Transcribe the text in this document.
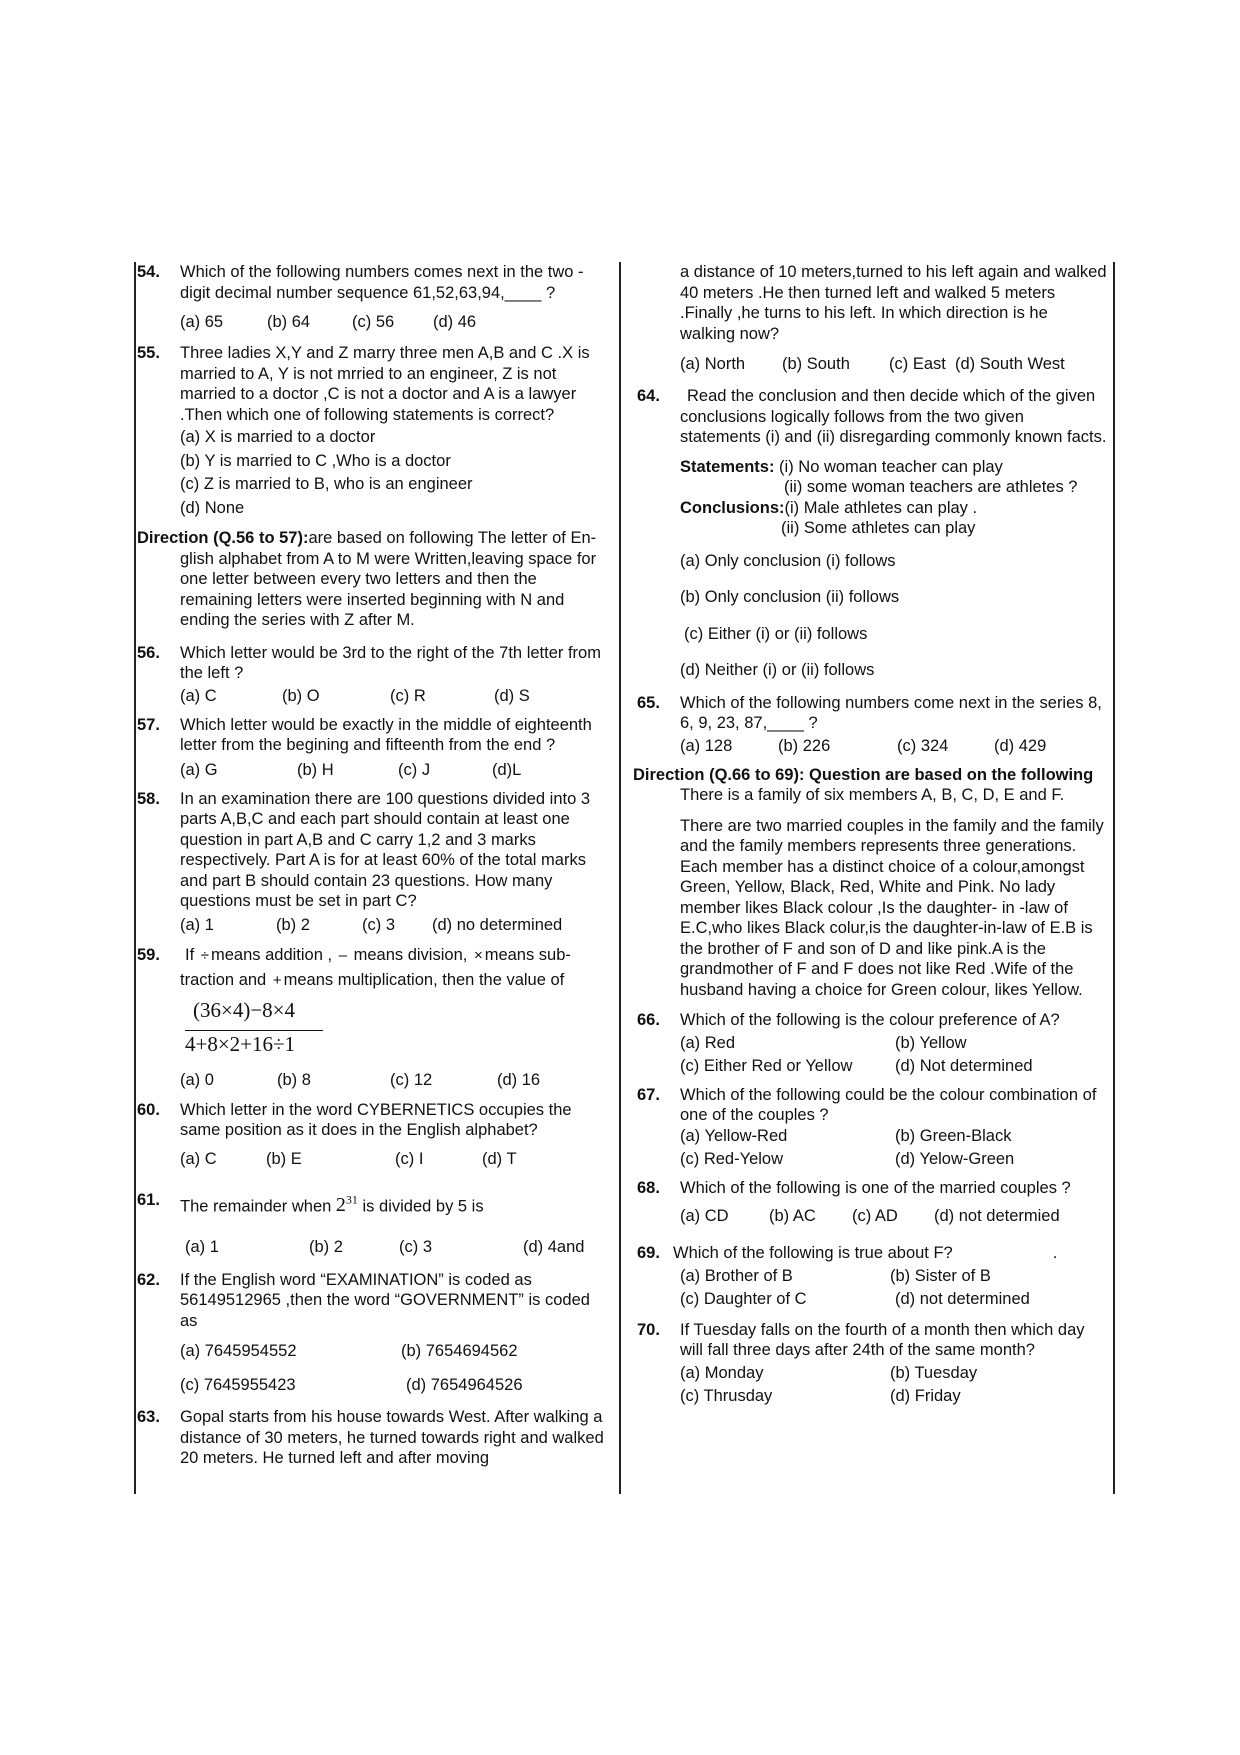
54. Which of the following numbers comes next in the two - digit decimal number sequence 61,52,63,94,____ ?
(a) 65	(b) 64	(c) 56 (d) 46
55. Three ladies X,Y and Z marry three men A,B and C .X is married to A, Y is not mrried to an engineer, Z is not married to a doctor ,C is not a doctor and A is a lawyer .Then which one of following statements is correct?
(a) X is married to a doctor
(b) Y is married to C ,Who is a doctor
(c) Z is married to B, who is an engineer
(d) None
Direction (Q.56 to 57):are based on following The letter of En-
glish alphabet from A to M were Written,leaving space for one letter between every two letters and then the remaining letters were inserted beginning with N and ending the series with Z after M.
56. Which letter would be 3rd to the right of the 7th letter from the left ?
(a) C	(b) O	(c) R	(d) S
57. Which letter would be exactly in the middle of eighteenth letter from the begining and fifteenth from the end ?
(a) G	(b) H	(c) J	(d)L
58. In an examination there are 100 questions divided into 3 parts A,B,C and each part should contain at least one question in part A,B and C carry 1,2 and 3 marks respectively. Part A is for at least 60% of the total marks and part B should contain 23 questions. How many questions must be set in part C?
(a) 1	(b) 2	(c) 3 (d) no determined
59.	If ÷ means addition , – means division, × means sub-
traction and + means multiplication, then the value of
(36×4)−8×4
4+8×2+16÷1
(a) 0	(b) 8	(c) 12	(d) 16
60. Which letter in the word CYBERNETICS occupies the same position as it does in the English alphabet?
(a) C	(b) E	(c) I	(d) T
61. The remainder when $2^{31}$ is divided by 5 is
(a) 1	(b) 2	(c) 3	(d) 4and
62. If the English word “EXAMINATION” is coded as 56149512965 ,then the word “GOVERNMENT” is coded as
(a) 7645954552	(b) 7654694562
(c) 7645955423	(d) 7654964526
63. Gopal starts from his house towards West. After walking a distance of 30 meters, he turned towards right and walked 20 meters. He turned left and after moving
a distance of 10 meters,turned to his left again and walked 40 meters .He then turned left and walked 5 meters .Finally ,he turns to his left. In which direction is he walking now?
(a) North (b) South (c) East (d) South West
64.	Read the conclusion and then decide which of the given conclusions logically follows from the two given statements (i) and (ii) disregarding commonly known facts.
Statements: (i) No woman teacher can play
(ii) some woman teachers are athletes ?
Conclusions:(i) Male athletes can play .
(ii) Some athletes can play
(a) Only conclusion (i) follows
(b) Only conclusion (ii) follows
(c) Either (i) or (ii) follows
(d) Neither (i) or (ii) follows
65. Which of the following numbers come next in the series 8, 6, 9, 23, 87,____ ?
(a) 128	(b) 226	(c) 324	(d) 429
Direction (Q.66 to 69): Question are based on the following
There is a family of six members A, B, C, D, E and F.
There are two married couples in the family and the family and the family members represents three generations. Each member has a distinct choice of a colour,amongst Green, Yellow, Black, Red, White and Pink. No lady member likes Black colour ,Is the daughter- in -law of E.C,who likes Black colur,is the daughter-in-law of E.B is the brother of F and son of D and like pink.A is the grandmother of F and F does not like Red .Wife of the husband having a choice for Green colour, likes Yellow.
66. Which of the following is the colour preference of A?
(a) Red	(b) Yellow
(c) Either Red or Yellow	(d) Not determined
67. Which of the following could be the colour combination of one of the couples ?
(a) Yellow-Red	(b) Green-Black
(c) Red-Yelow	(d) Yelow-Green
68. Which of the following is one of the married couples ?
(a) CD (b) AC (c) AD (d) not determied
69. Which of the following is true about F?	.
(a) Brother of B	(b) Sister of B
(c) Daughter of C	(d) not determined
70. If Tuesday falls on the fourth of a month then which day will fall three days after 24th of the same month?
(a) Monday	(b) Tuesday
(c) Thrusday	(d) Friday
